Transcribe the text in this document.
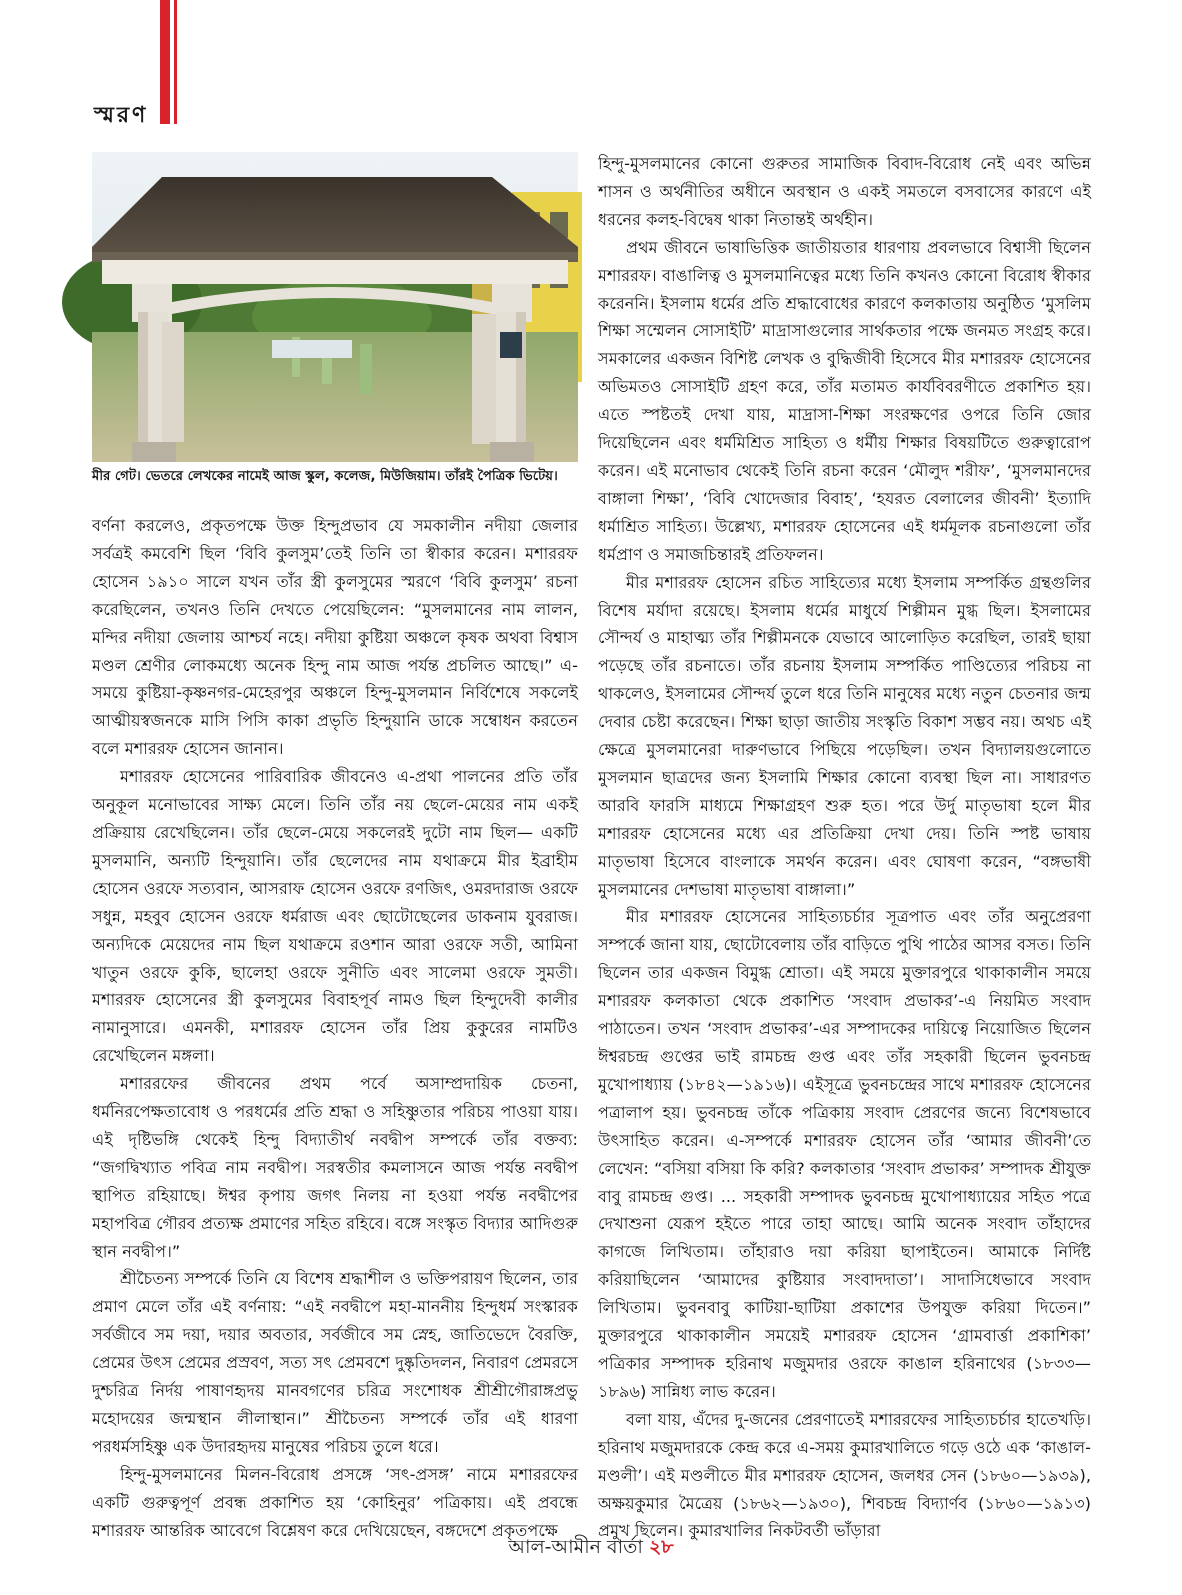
স্মরণ
মীর গেট। ভেতরে লেখকের নামেই আজ স্কুল, কলেজ, মিউজিয়াম। তাঁরই পৈত্রিক ভিটেয়।

বর্ণনা করলেও, প্রকৃতপক্ষে উক্ত হিন্দুপ্রভাব যে সমকালীন নদীয়া জেলার সর্বত্রই কমবেশি ছিল ‘বিবি কুলসুম’তেই তিনি তা স্বীকার করেন। মশাররফ হোসেন ১৯১০ সালে যখন তাঁর স্ত্রী কুলসুমের স্মরণে ‘বিবি কুলসুম’ রচনা করেছিলেন, তখনও তিনি দেখতে পেয়েছিলেন: “মুসলমানের নাম লালন, মন্দির নদীয়া জেলায় আশ্চর্য নহে। নদীয়া কুষ্টিয়া অঞ্চলে কৃষক অথবা বিশ্বাস মণ্ডল শ্রেণীর লোকমধ্যে অনেক হিন্দু নাম আজ পর্যন্ত প্রচলিত আছে।” এ-সময়ে কুষ্টিয়া-কৃষ্ণনগর-মেহেরপুর অঞ্চলে হিন্দু-মুসলমান নির্বিশেষে সকলেই আত্মীয়স্বজনকে মাসি পিসি কাকা প্রভৃতি হিন্দুয়ানি ডাকে সম্বোধন করতেন বলে মশাররফ হোসেন জানান।

মশাররফ হোসেনের পারিবারিক জীবনেও এ-প্রথা পালনের প্রতি তাঁর অনুকূল মনোভাবের সাক্ষ্য মেলে। তিনি তাঁর নয় ছেলে-মেয়ের নাম একই প্রক্রিয়ায় রেখেছিলেন। তাঁর ছেলে-মেয়ে সকলেরই দুটো নাম ছিল— একটি মুসলমানি, অন্যটি হিন্দুয়ানি। তাঁর ছেলেদের নাম যথাক্রমে মীর ইব্রাহীম হোসেন ওরফে সত্যবান, আসরাফ হোসেন ওরফে রণজিৎ, ওমরদারাজ ওরফে সধুন্ন, মহবুব হোসেন ওরফে ধর্মরাজ এবং ছোটোছেলের ডাকনাম যুবরাজ। অন্যদিকে মেয়েদের নাম ছিল যথাক্রমে রওশান আরা ওরফে সতী, আমিনা খাতুন ওরফে কুকি, ছালেহা ওরফে সুনীতি এবং সালেমা ওরফে সুমতী। মশাররফ হোসেনের স্ত্রী কুলসুমের বিবাহপূর্ব নামও ছিল হিন্দুদেবী কালীর নামানুসারে। এমনকী, মশাররফ হোসেন তাঁর প্রিয় কুকুরের নামটিও রেখেছিলেন মঙ্গলা।

মশাররফের জীবনের প্রথম পর্বে অসাম্প্রদায়িক চেতনা, ধর্মনিরপেক্ষতাবোধ ও পরধর্মের প্রতি শ্রদ্ধা ও সহিষ্ণুতার পরিচয় পাওয়া যায়। এই দৃষ্টিভঙ্গি থেকেই হিন্দু বিদ্যাতীর্থ নবদ্বীপ সম্পর্কে তাঁর বক্তব্য: “জগদ্বিখ্যাত পবিত্র নাম নবদ্বীপ। সরস্বতীর কমলাসনে আজ পর্যন্ত নবদ্বীপ স্থাপিত রহিয়াছে। ঈশ্বর কৃপায় জগৎ নিলয় না হওয়া পর্যন্ত নবদ্বীপের মহাপবিত্র গৌরব প্রত্যক্ষ প্রমাণের সহিত রহিবে। বঙ্গে সংস্কৃত বিদ্যার আদিগুরু স্থান নবদ্বীপ।”

শ্রীচৈতন্য সম্পর্কে তিনি যে বিশেষ শ্রদ্ধাশীল ও ভক্তিপরায়ণ ছিলেন, তার প্রমাণ মেলে তাঁর এই বর্ণনায়: “এই নবদ্বীপে মহা-মাননীয় হিন্দুধর্ম সংস্কারক সর্বজীবে সম দয়া, দয়ার অবতার, সর্বজীবে সম স্নেহ, জাতিভেদে বৈরক্তি, প্রেমের উৎস প্রেমের প্রস্রবণ, সত্য সৎ প্রেমবশে দুষ্কৃতিদলন, নিবারণ প্রেমরসে দুশ্চরিত্র নির্দয় পাষাণহৃদয় মানবগণের চরিত্র সংশোধক শ্রীশ্রীগৌরাঙ্গপ্রভু মহোদয়ের জন্মস্থান লীলাস্থান।” শ্রীচৈতন্য সম্পর্কে তাঁর এই ধারণা পরধর্মসহিষ্ণু এক উদারহৃদয় মানুষের পরিচয় তুলে ধরে।

হিন্দু-মুসলমানের মিলন-বিরোধ প্রসঙ্গে ‘সৎ-প্রসঙ্গ’ নামে মশাররফের একটি গুরুত্বপূর্ণ প্রবন্ধ প্রকাশিত হয় ‘কোহিনুর’ পত্রিকায়। এই প্রবন্ধে মশাররফ আন্তরিক আবেগে বিশ্লেষণ করে দেখিয়েছেন, বঙ্গদেশে প্রকৃতপক্ষে

হিন্দু-মুসলমানের কোনো গুরুতর সামাজিক বিবাদ-বিরোধ নেই এবং অভিন্ন শাসন ও অর্থনীতির অধীনে অবস্থান ও একই সমতলে বসবাসের কারণে এই ধরনের কলহ-বিদ্বেষ থাকা নিতান্তই অর্থহীন।

প্রথম জীবনে ভাষাভিত্তিক জাতীয়তার ধারণায় প্রবলভাবে বিশ্বাসী ছিলেন মশাররফ। বাঙালিত্ব ও মুসলমানিত্বের মধ্যে তিনি কখনও কোনো বিরোধ স্বীকার করেননি। ইসলাম ধর্মের প্রতি শ্রদ্ধাবোধের কারণে কলকাতায় অনুষ্ঠিত ‘মুসলিম শিক্ষা সম্মেলন সোসাইটি’ মাদ্রাসাগুলোর সার্থকতার পক্ষে জনমত সংগ্রহ করে। সমকালের একজন বিশিষ্ট লেখক ও বুদ্ধিজীবী হিসেবে মীর মশাররফ হোসেনের অভিমতও সোসাইটি গ্রহণ করে, তাঁর মতামত কার্যবিবরণীতে প্রকাশিত হয়। এতে স্পষ্টতই দেখা যায়, মাদ্রাসা-শিক্ষা সংরক্ষণের ওপরে তিনি জোর দিয়েছিলেন এবং ধর্মমিশ্রিত সাহিত্য ও ধর্মীয় শিক্ষার বিষয়টিতে গুরুত্বারোপ করেন। এই মনোভাব থেকেই তিনি রচনা করেন ‘মৌলুদ শরীফ’, ‘মুসলমানদের বাঙ্গালা শিক্ষা’, ‘বিবি খোদেজার বিবাহ’, ‘হযরত বেলালের জীবনী’ ইত্যাদি ধর্মাশ্রিত সাহিত্য। উল্লেখ্য, মশাররফ হোসেনের এই ধর্মমূলক রচনাগুলো তাঁর ধর্মপ্রাণ ও সমাজচিন্তারই প্রতিফলন।

মীর মশাররফ হোসেন রচিত সাহিত্যের মধ্যে ইসলাম সম্পর্কিত গ্রন্থগুলির বিশেষ মর্যাদা রয়েছে। ইসলাম ধর্মের মাধুর্যে শিল্পীমন মুগ্ধ ছিল। ইসলামের সৌন্দর্য ও মাহাত্ম্য তাঁর শিল্পীমনকে যেভাবে আলোড়িত করেছিল, তারই ছায়া পড়েছে তাঁর রচনাতে। তাঁর রচনায় ইসলাম সম্পর্কিত পাণ্ডিত্যের পরিচয় না থাকলেও, ইসলামের সৌন্দর্য তুলে ধরে তিনি মানুষের মধ্যে নতুন চেতনার জন্ম দেবার চেষ্টা করেছেন। শিক্ষা ছাড়া জাতীয় সংস্কৃতি বিকাশ সম্ভব নয়। অথচ এই ক্ষেত্রে মুসলমানেরা দারুণভাবে পিছিয়ে পড়েছিল। তখন বিদ্যালয়গুলোতে মুসলমান ছাত্রদের জন্য ইসলামি শিক্ষার কোনো ব্যবস্থা ছিল না। সাধারণত আরবি ফারসি মাধ্যমে শিক্ষাগ্রহণ শুরু হত। পরে উর্দু মাতৃভাষা হলে মীর মশাররফ হোসেনের মধ্যে এর প্রতিক্রিয়া দেখা দেয়। তিনি স্পষ্ট ভাষায় মাতৃভাষা হিসেবে বাংলাকে সমর্থন করেন। এবং ঘোষণা করেন, “বঙ্গভাষী মুসলমানের দেশভাষা মাতৃভাষা বাঙ্গালা।”

মীর মশাররফ হোসেনের সাহিত্যচর্চার সূত্রপাত এবং তাঁর অনুপ্রেরণা সম্পর্কে জানা যায়, ছোটোবেলায় তাঁর বাড়িতে পুথি পাঠের আসর বসত। তিনি ছিলেন তার একজন বিমুগ্ধ শ্রোতা। এই সময়ে মুক্তারপুরে থাকাকালীন সময়ে মশাররফ কলকাতা থেকে প্রকাশিত ‘সংবাদ প্রভাকর’-এ নিয়মিত সংবাদ পাঠাতেন। তখন ‘সংবাদ প্রভাকর’-এর সম্পাদকের দায়িত্বে নিয়োজিত ছিলেন ঈশ্বরচন্দ্র গুপ্তের ভাই রামচন্দ্র গুপ্ত এবং তাঁর সহকারী ছিলেন ভুবনচন্দ্র মুখোপাধ্যায় (১৮৪২—১৯১৬)। এইসূত্রে ভুবনচন্দ্রের সাথে মশাররফ হোসেনের পত্রালাপ হয়। ভুবনচন্দ্র তাঁকে পত্রিকায় সংবাদ প্রেরণের জন্যে বিশেষভাবে উৎসাহিত করেন। এ-সম্পর্কে মশাররফ হোসেন তাঁর ‘আমার জীবনী’তে লেখেন: “বসিয়া বসিয়া কি করি? কলকাতার ‘সংবাদ প্রভাকর’ সম্পাদক শ্রীযুক্ত বাবু রামচন্দ্র গুপ্ত। ... সহকারী সম্পাদক ভুবনচন্দ্র মুখোপাধ্যায়ের সহিত পত্রে দেখাশুনা যেরূপ হইতে পারে তাহা আছে। আমি অনেক সংবাদ তাঁহাদের কাগজে লিখিতাম। তাঁহারাও দয়া করিয়া ছাপাইতেন। আমাকে নির্দিষ্ট করিয়াছিলেন ‘আমাদের কুষ্টিয়ার সংবাদদাতা’। সাদাসিধেভাবে সংবাদ লিখিতাম। ভুবনবাবু কাটিয়া-ছাটিয়া প্রকাশের উপযুক্ত করিয়া দিতেন।” মুক্তারপুরে থাকাকালীন সময়েই মশাররফ হোসেন ‘গ্রামবার্ত্তা প্রকাশিকা’ পত্রিকার সম্পাদক হরিনাথ মজুমদার ওরফে কাঙাল হরিনাথের (১৮৩৩—১৮৯৬) সান্নিধ্য লাভ করেন।

বলা যায়, এঁদের দু-জনের প্রেরণাতেই মশাররফের সাহিত্যচর্চার হাতেখড়ি। হরিনাথ মজুমদারকে কেন্দ্র করে এ-সময় কুমারখালিতে গড়ে ওঠে এক ‘কাঙাল-মণ্ডলী’। এই মণ্ডলীতে মীর মশাররফ হোসেন, জলধর সেন (১৮৬০—১৯৩৯), অক্ষয়কুমার মৈত্রেয় (১৮৬২—১৯৩০), শিবচন্দ্র বিদ্যার্ণব (১৮৬০—১৯১৩) প্রমুখ ছিলেন। কুমারখালির নিকটবর্তী ভাঁড়ারা

আল-আমীন বার্তা ২৮
